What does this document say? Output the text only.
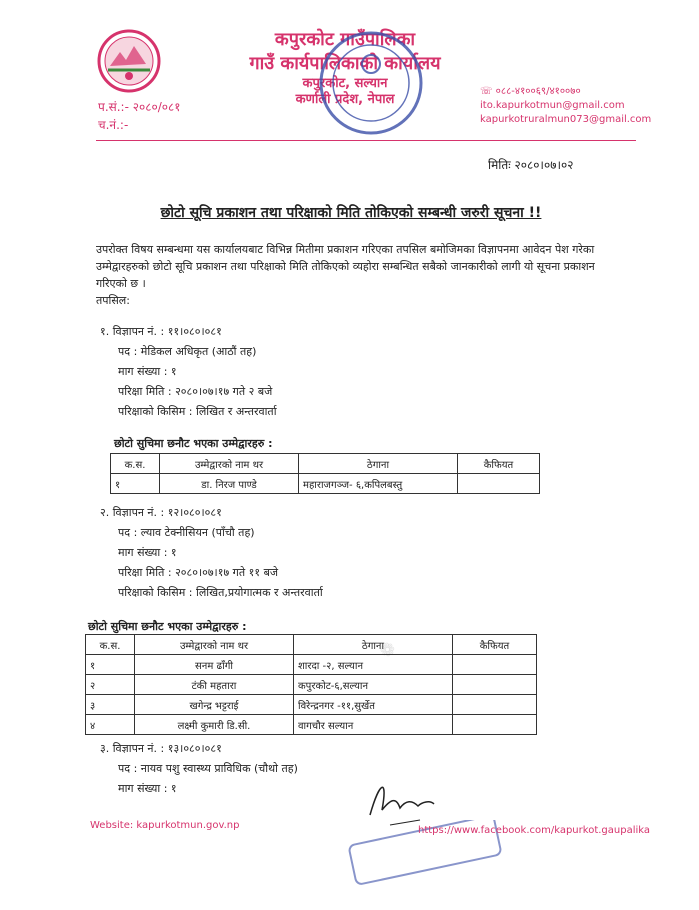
कपुरकोट गाउँपालिका
गाउँ कार्यपालिकाको कार्यालय
कपुरकोट, सल्यान
कर्णाली प्रदेश, नेपाल
प.सं.:- २०८०/०८१
च.नं.:-
☏ ०८८-४१००६९/४१००७०
ito.kapurkotmun@gmail.com
kapurkotruralmun073@gmail.com
मितिः २०८०।०७।०२
छोटो सूचि प्रकाशन तथा परिक्षाको मिति तोकिएको सम्बन्धी जरुरी सूचना !!
उपरोक्त विषय सम्बन्धमा यस कार्यालयबाट विभिन्न मितीमा प्रकाशन गरिएका तपसिल बमोजिमका विज्ञापनमा आवेदन पेश गरेका उम्मेद्वारहरुको छोटो सूचि प्रकाशन तथा परिक्षाको मिति तोकिएको व्यहोरा सम्बन्धित सबैको जानकारीको लागी यो सूचना प्रकाशन गरिएको छ ।
तपसिल:
❁
१. विज्ञापन नं. : ११।०८०।०८१
पद : मेडिकल अधिकृत (आठौं तह)
माग संख्या : १
परिक्षा मिति : २०८०।०७।१७ गते २ बजे
परिक्षाको किसिम : लिखित र अन्तरवार्ता
छोटो सुचिमा छनौट भएका उम्मेद्वारहरु :
क.स.	उम्मेद्वारको नाम थर	ठेगाना	कैफियत
१	डा. निरज पाण्डे	महाराजगञ्ज- ६,कपिलबस्तु	
२. विज्ञापन नं. : १२।०८०।०८१
पद : ल्याव टेक्नीसियन (पाँचौ तह)
माग संख्या : १
परिक्षा मिति : २०८०।०७।१७ गते ११ बजे
परिक्षाको किसिम : लिखित,प्रयोगात्मक र अन्तरवार्ता
छोटो सुचिमा छनौट भएका उम्मेद्वारहरु :
क.स.	उम्मेद्वारको नाम थर	ठेगाना	कैफियत
१	सनम ढाँगी	शारदा -२, सल्यान	
२	टंकी महतारा	कपुरकोट-६,सल्यान	
३	खगेन्द्र भट्टराई	विरेन्द्रनगर -११,सुर्खेत	
४	लक्ष्मी कुमारी डि.सी.	वागचौर सल्यान	
३. विज्ञापन नं. : १३।०८०।०८१
पद : नायव पशु स्वास्थ्य प्राविधिक (चौथो तह)
माग संख्या : १
Website: kapurkotmun.gov.np	https://www.facebook.com/kapurkot.gaupalika
